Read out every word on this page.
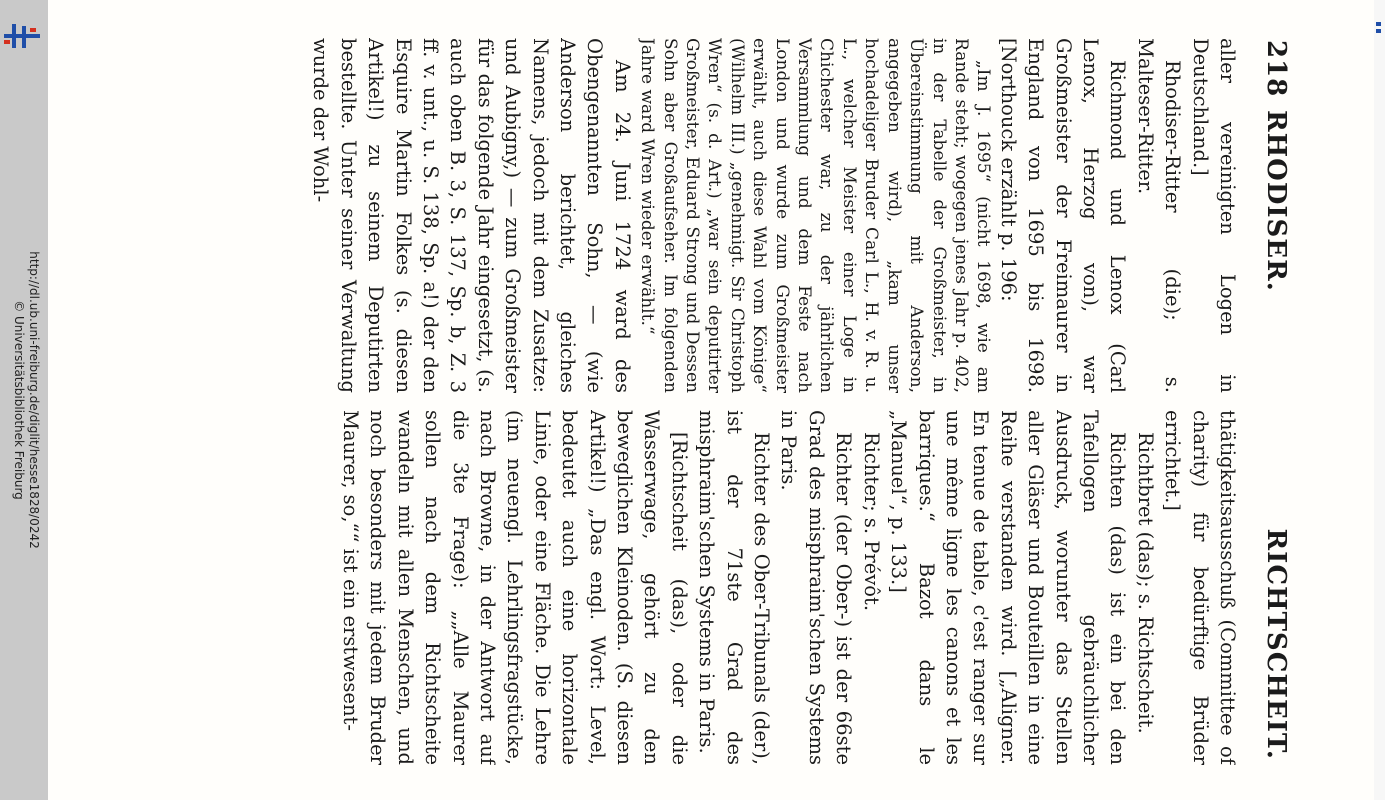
http://dl.ub.uni-freiburg.de/diglit/hesse1828/0242
© Universitätsbibliothek Freiburg
218
RHODISER.
RICHTSCHEIT.

aller vereinigten Logen in Deutschland.]

Rhodiser-Ritter (die); s. Malteser-Ritter.

Richmond und Lenox (Carl Lenox, Herzog von), war Großmeister der Freimaurer in England von 1695 bis 1698. [Northouck erzählt p. 196:

„Im J. 1695“ (nicht 1698, wie am Rande steht; wogegen jenes Jahr p. 402, in der Tabelle der Großmeister, in Übereinstimmung mit Anderson, angegeben wird), „kam unser hochadeliger Bruder Carl L., H. v. R. u. L., welcher Meister einer Loge in Chichester war, zu der jährlichen Versammlung und dem Feste nach London und wurde zum Großmeister erwählt, auch diese Wahl vom Könige“ (Wilhelm III.) „genehmigt. Sir Christoph Wren“ (s. d. Art.) „war sein deputirter Großmeister, Eduard Strong und Dessen Sohn aber Großaufseher. Im folgenden Jahre ward Wren wieder erwählt.“

Am 24. Juni 1724 ward des Obengenannten Sohn, — (wie Anderson berichtet, gleiches Namens, jedoch mit dem Zusatze: und Aubigny,) — zum Großmeister für das folgende Jahr eingesetzt, (s. auch oben B. 3, S. 137, Sp. b, Z. 3 ff. v. unt., u. S. 138, Sp. a!) der den Esquire Martin Folkes (s. diesen Artikel!) zu seinem Deputirten bestellte. Unter seiner Verwaltung wurde der Wohl-

thätigkeitsausschuß (Committee of charity) für bedürftige Brüder errichtet.]

Richtbret (das); s. Richtscheit.

Richten (das) ist ein bei den Tafellogen gebräuchlicher Ausdruck, worunter das Stellen aller Gläser und Bouteillen in eine Reihe verstanden wird. [„Aligner. En tenue de table, c'est ranger sur une même ligne les canons et les barriques.“ Bazot dans le „Manuel“, p. 133.]

Richter; s. Prévôt.

Richter (der Ober-) ist der 66ste Grad des misphraim'schen Systems in Paris.

Richter des Ober-Tribunals (der), ist der 71ste Grad des misphraim'schen Systems in Paris.

[Richtscheit (das), oder die Wasserwage, gehört zu den beweglichen Kleinoden. (S. diesen Artikel!) „Das engl. Wort: Level, bedeutet auch eine horizontale Linie, oder eine Fläche. Die Lehre (im neuengl. Lehrlingsfragstücke, nach Browne, in der Antwort auf die 3te Frage): „„Alle Maurer sollen nach dem Richtscheite wandeln mit allen Menschen, und noch besonders mit jedem Bruder Maurer, so,““ ist ein erstwesent-
